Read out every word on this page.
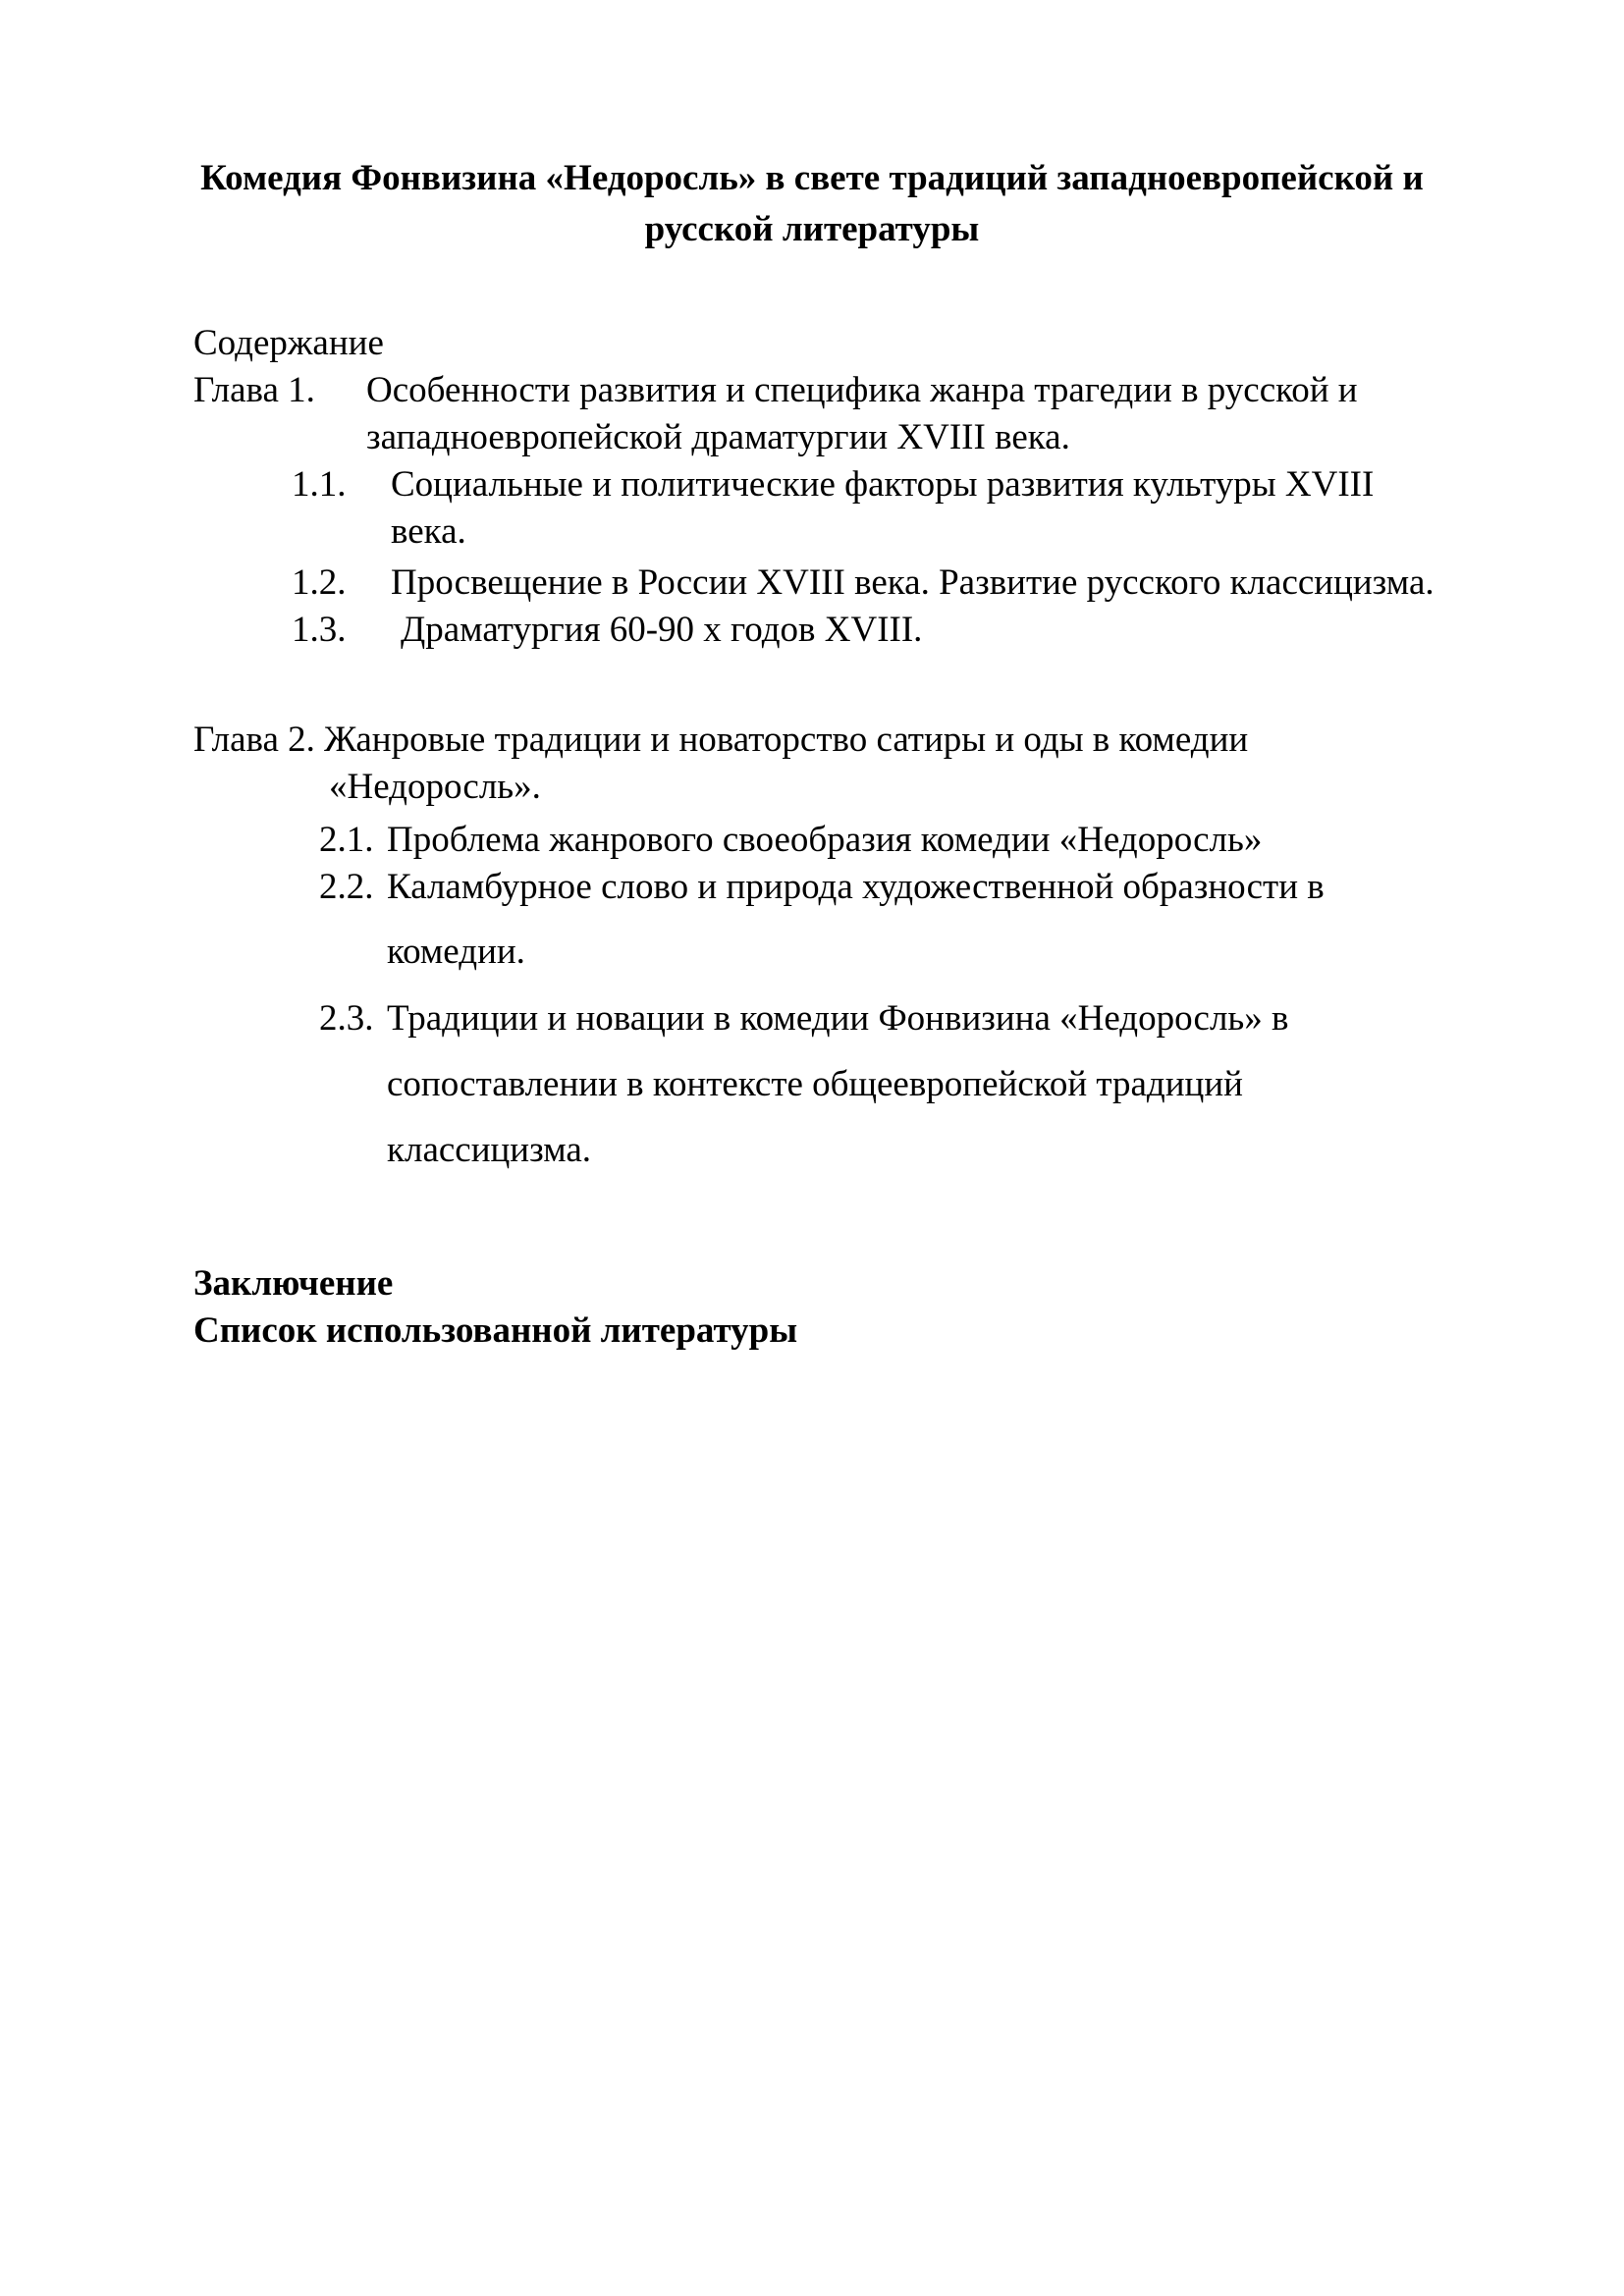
Комедия Фонвизина «Недоросль» в свете традиций западноевропейской и русской литературы
Содержание
Глава 1. Особенности развития и специфика жанра трагедии в русской и
западноевропейской драматургии XVIII века.
1.1. Социальные и политические факторы развития культуры XVIII
века.
1.2. Просвещение в России XVIII века. Развитие русского классицизма.
1.3. Драматургия 60-90 х годов XVIII.
Глава 2. Жанровые традиции и новаторство сатиры и оды в комедии
«Недоросль».
2.1. Проблема жанрового своеобразия комедии «Недоросль»
2.2. Каламбурное слово и природа художественной образности в
комедии.
2.3. Традиции и новации в комедии Фонвизина «Недоросль» в
сопоставлении в контексте общеевропейской традиций
классицизма.
Заключение
Список использованной литературы
